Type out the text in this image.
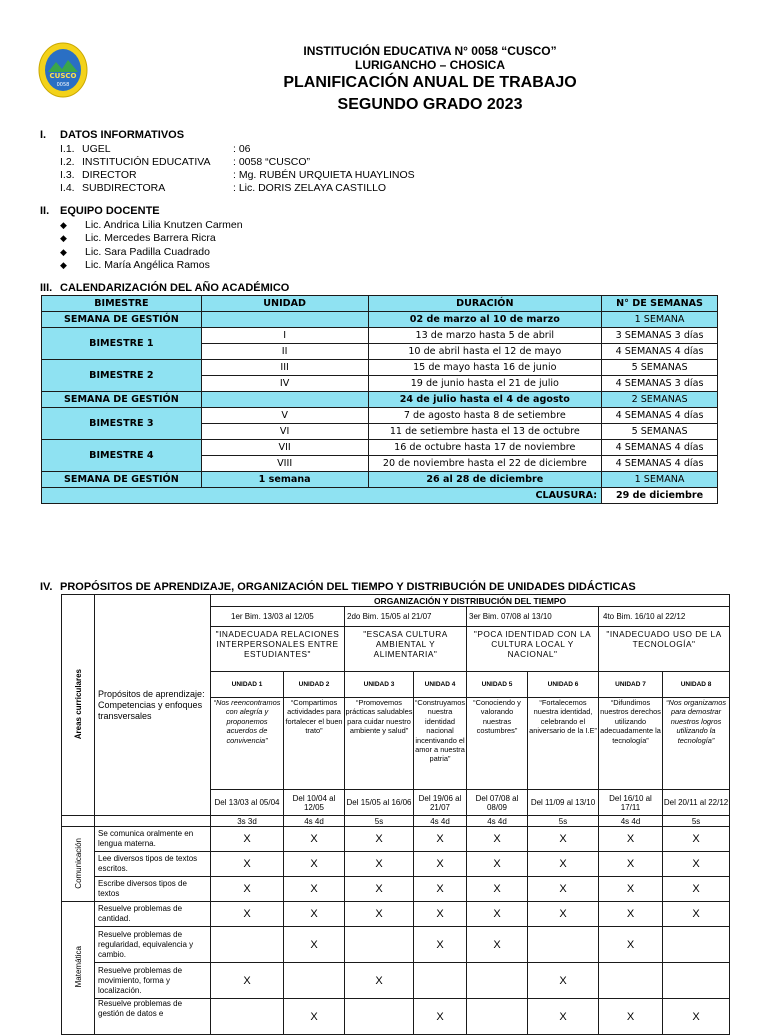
CUSCO
0058
INSTITUCIÓN EDUCATIVA N° 0058 “CUSCO”
LURIGANCHO – CHOSICA
PLANIFICACIÓN ANUAL DE TRABAJO
SEGUNDO GRADO 2023
I. DATOS INFORMATIVOS
I.1. UGEL	: 06
I.2. INSTITUCIÓN EDUCATIVA	: 0058 “CUSCO”
I.3. DIRECTOR	: Mg. RUBÉN URQUIETA HUAYLINOS
I.4. SUBDIRECTORA	: Lic. DORIS ZELAYA CASTILLO
II. EQUIPO DOCENTE
◆	Lic. Andrica Lilia Knutzen Carmen
◆	Lic. Mercedes Barrera Ricra
◆	Lic. Sara Padilla Cuadrado
◆	Lic. María Angélica Ramos
III. CALENDARIZACIÓN DEL AÑO ACADÉMICO
BIMESTRE	UNIDAD	DURACIÓN	N° DE SEMANAS
SEMANA DE GESTIÓN		02 de marzo al 10 de marzo	1 SEMANA
BIMESTRE 1	I	13 de marzo hasta 5 de abril	3 SEMANAS 3 días
	II	10 de abril hasta el 12 de mayo	4 SEMANAS 4 días
BIMESTRE 2	III	15 de mayo hasta 16 de junio	5 SEMANAS
	IV	19 de junio hasta el 21 de julio	4 SEMANAS 3 días
SEMANA DE GESTIÓN		24 de julio hasta el 4 de agosto	2 SEMANAS
BIMESTRE 3	V	7 de agosto hasta 8 de setiembre	4 SEMANAS 4 días
	VI	11 de setiembre hasta el 13 de octubre	5 SEMANAS
BIMESTRE 4	VII	16 de octubre hasta 17 de noviembre	4 SEMANAS 4 días
	VIII	20 de noviembre hasta el 22 de diciembre	4 SEMANAS 4 días
SEMANA DE GESTIÓN	1 semana	26 al 28 de diciembre	1 SEMANA
CLAUSURA:			29 de diciembre
IV. PROPÓSITOS DE APRENDIZAJE, ORGANIZACIÓN DEL TIEMPO Y DISTRIBUCIÓN DE UNIDADES DIDÁCTICAS
Áreas curriculares	Propósitos de aprendizaje: Competencias y enfoques transversales	ORGANIZACIÓN Y DISTRIBUCIÓN DEL TIEMPO							
		1er Bim. 13/03 al 12/05		2do Bim. 15/05 al 21/07		3er Bim. 07/08 al 13/10		4to Bim. 16/10 al 22/12	
		"INADECUADA RELACIONES INTERPERSONALES ENTRE ESTUDIANTES"		"ESCASA CULTURA AMBIENTAL Y ALIMENTARIA"		"POCA IDENTIDAD CON LA CULTURA LOCAL Y NACIONAL"		"INADECUADO USO DE LA TECNOLOGÍA"	
		UNIDAD 1	UNIDAD 2	UNIDAD 3	UNIDAD 4	UNIDAD 5	UNIDAD 6	UNIDAD 7	UNIDAD 8
		“Nos reencontramos con alegría y proponemos acuerdos de convivencia”	“Compartimos actividades para fortalecer el buen trato”	“Promovemos prácticas saludables para cuidar nuestro ambiente y salud”	“Construyamos nuestra identidad nacional incentivando el amor a nuestra patria”	“Conociendo y valorando nuestras costumbres”	“Fortalecemos nuestra identidad, celebrando el aniversario de la I.E”	“Difundimos nuestros derechos utilizando adecuadamente la tecnología”	“Nos organizamos para demostrar nuestros logros utilizando la tecnología”
		Del 13/03 al 05/04	Del 10/04 al 12/05	Del 15/05 al 16/06	Del 19/06 al 21/07	Del 07/08 al 08/09	Del 11/09 al 13/10	Del 16/10 al 17/11	Del 20/11 al 22/12
		3s 3d	4s 4d	5s	4s 4d	4s 4d	5s	4s 4d	5s
Comunicación	Se comunica oralmente en lengua materna.	X	X	X	X	X	X	X	X
	Lee diversos tipos de textos escritos.	X	X	X	X	X	X	X	X
	Escribe diversos tipos de textos	X	X	X	X	X	X	X	X
Matemática	Resuelve problemas de cantidad.	X	X	X	X	X	X	X	X
	Resuelve problemas de regularidad, equivalencia y cambio.		X		X	X		X	
	Resuelve problemas de movimiento, forma y localización.	X		X			X		
	Resuelve problemas de gestión de datos e		X		X		X	X	X
